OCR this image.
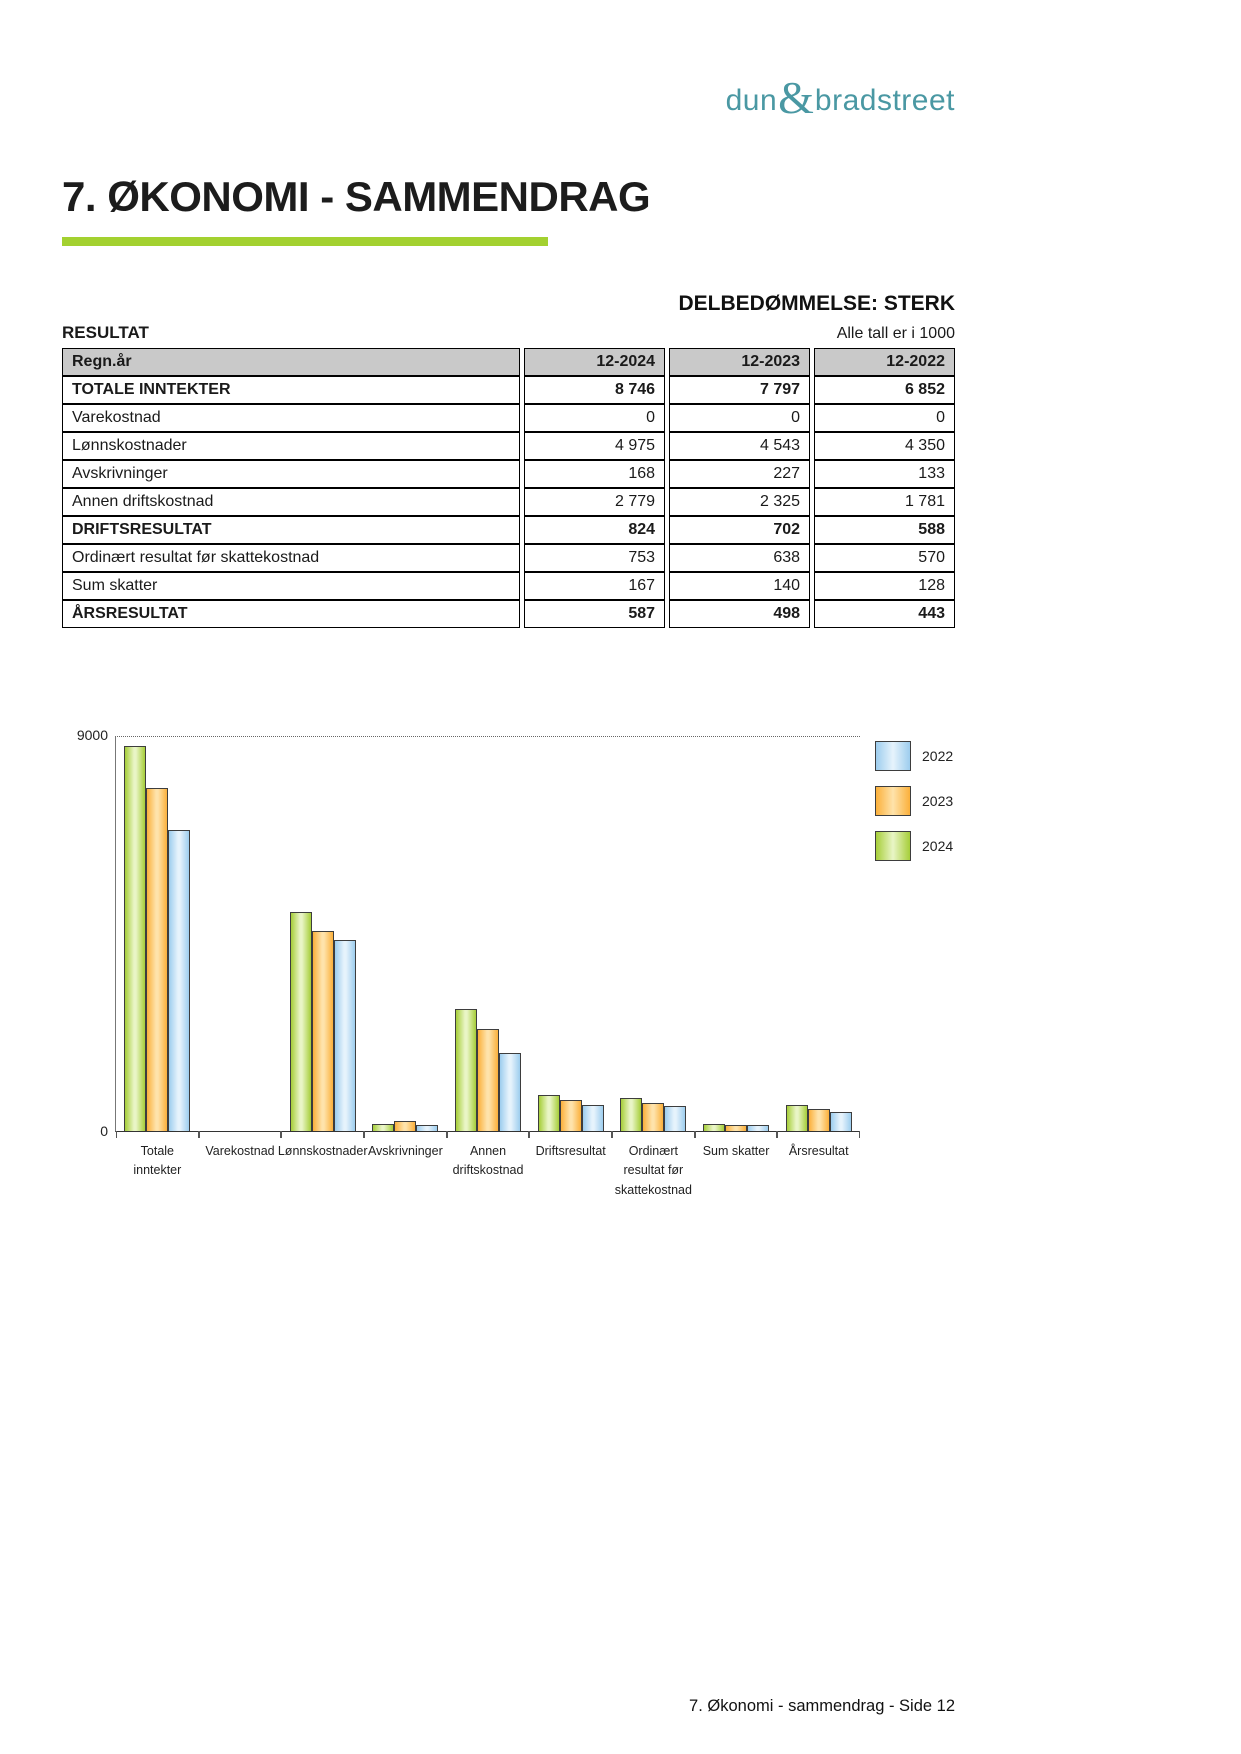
dun & bradstreet
7. ØKONOMI - SAMMENDRAG
DELBEDØMMELSE: STERK
RESULTAT	Alle tall er i 1000
Regn.år	12-2024	12-2023	12-2022
TOTALE INNTEKTER	8 746	7 797	6 852
Varekostnad	0	0	0
Lønnskostnader	4 975	4 543	4 350
Avskrivninger	168	227	133
Annen driftskostnad	2 779	2 325	1 781
DRIFTSRESULTAT	824	702	588
Ordinært resultat før skattekostnad	753	638	570
Sum skatter	167	140	128
ÅRSRESULTAT	587	498	443
9000
0
Totale
inntekter
Varekostnad Lønnskostnader Avskrivninger	Annen
driftskostnad
Driftsresultat	Ordinært
resultat før
skattekostnad
Sum skatter Årsresultat
2022
2023
2024
7. Økonomi - sammendrag - Side 12
